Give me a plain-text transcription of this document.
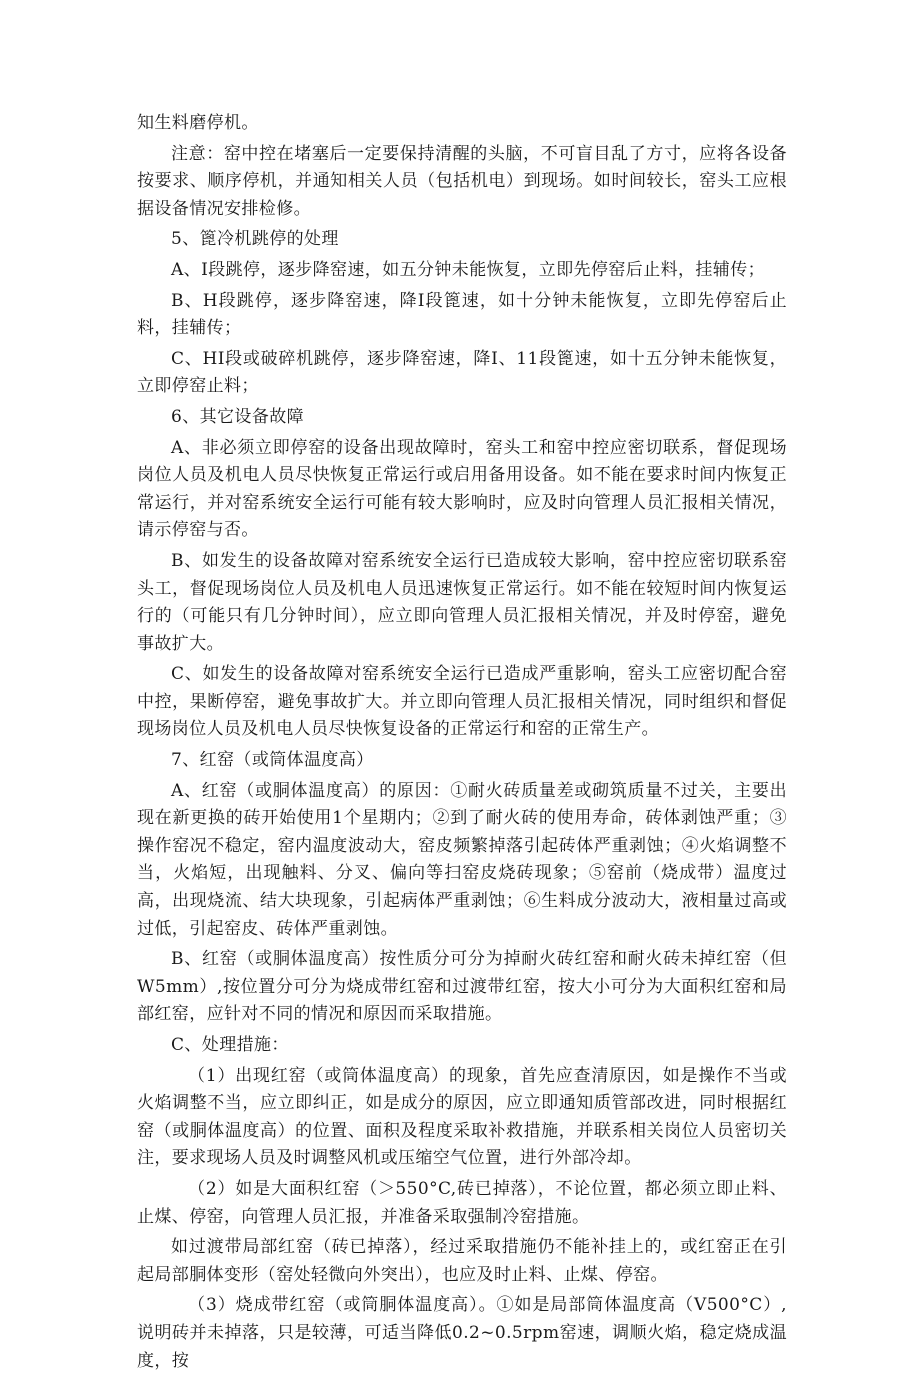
知生料磨停机。

注意：窑中控在堵塞后一定要保持清醒的头脑，不可盲目乱了方寸，应将各设备按要求、顺序停机，并通知相关人员（包括机电）到现场。如时间较长，窑头工应根据设备情况安排检修。

5、篦冷机跳停的处理

A、I段跳停，逐步降窑速，如五分钟未能恢复，立即先停窑后止料，挂辅传；

B、H段跳停，逐步降窑速，降I段篦速，如十分钟未能恢复，立即先停窑后止料，挂辅传；

C、HI段或破碎机跳停，逐步降窑速，降I、11段篦速，如十五分钟未能恢复，立即停窑止料；

6、其它设备故障

A、非必须立即停窑的设备出现故障时，窑头工和窑中控应密切联系，督促现场岗位人员及机电人员尽快恢复正常运行或启用备用设备。如不能在要求时间内恢复正常运行，并对窑系统安全运行可能有较大影响时，应及时向管理人员汇报相关情况，请示停窑与否。

B、如发生的设备故障对窑系统安全运行已造成较大影响，窑中控应密切联系窑头工，督促现场岗位人员及机电人员迅速恢复正常运行。如不能在较短时间内恢复运行的（可能只有几分钟时间），应立即向管理人员汇报相关情况，并及时停窑，避免事故扩大。

C、如发生的设备故障对窑系统安全运行已造成严重影响，窑头工应密切配合窑中控，果断停窑，避免事故扩大。并立即向管理人员汇报相关情况，同时组织和督促现场岗位人员及机电人员尽快恢复设备的正常运行和窑的正常生产。

7、红窑（或筒体温度高）

A、红窑（或胴体温度高）的原因：①耐火砖质量差或砌筑质量不过关，主要出现在新更换的砖开始使用1个星期内；②到了耐火砖的使用寿命，砖体剥蚀严重；③操作窑况不稳定，窑内温度波动大，窑皮频繁掉落引起砖体严重剥蚀；④火焰调整不当，火焰短，出现触料、分叉、偏向等扫窑皮烧砖现象；⑤窑前（烧成带）温度过高，出现烧流、结大块现象，引起病体严重剥蚀；⑥生料成分波动大，液相量过高或过低，引起窑皮、砖体严重剥蚀。

B、红窑（或胴体温度高）按性质分可分为掉耐火砖红窑和耐火砖未掉红窑（但W5mm）,按位置分可分为烧成带红窑和过渡带红窑，按大小可分为大面积红窑和局部红窑，应针对不同的情况和原因而采取措施。

C、处理措施：

（1）出现红窑（或筒体温度高）的现象，首先应查清原因，如是操作不当或火焰调整不当，应立即纠正，如是成分的原因，应立即通知质管部改进，同时根据红窑（或胴体温度高）的位置、面积及程度采取补救措施，并联系相关岗位人员密切关注，要求现场人员及时调整风机或压缩空气位置，进行外部冷却。

（2）如是大面积红窑（＞550°C,砖已掉落），不论位置，都必须立即止料、止煤、停窑，向管理人员汇报，并准备采取强制冷窑措施。

如过渡带局部红窑（砖已掉落），经过采取措施仍不能补挂上的，或红窑正在引起局部胴体变形（窑处轻微向外突出），也应及时止料、止煤、停窑。

（3）烧成带红窑（或筒胴体温度高）。①如是局部筒体温度高（V500°C）,说明砖并未掉落，只是较薄，可适当降低0.2~0.5rpm窑速，调顺火焰，稳定烧成温度，按
